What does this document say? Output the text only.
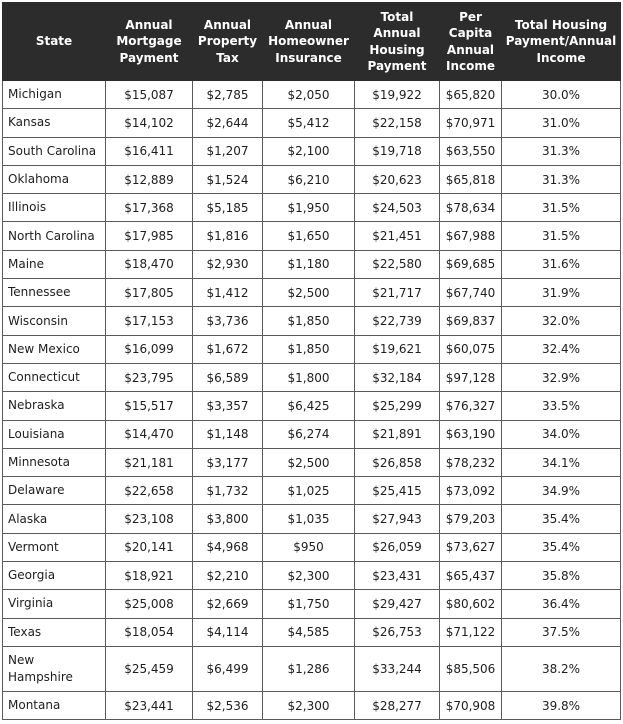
State	Annual
Mortgage
Payment	Annual
Property
Tax	Annual
Homeowner
Insurance	Total
Annual
Housing
Payment	Per
Capita
Annual
Income	Total Housing
Payment/Annual
Income
Michigan	$15,087	$2,785	$2,050	$19,922	$65,820	30.0%
Kansas	$14,102	$2,644	$5,412	$22,158	$70,971	31.0%
South Carolina	$16,411	$1,207	$2,100	$19,718	$63,550	31.3%
Oklahoma	$12,889	$1,524	$6,210	$20,623	$65,818	31.3%
Illinois	$17,368	$5,185	$1,950	$24,503	$78,634	31.5%
North Carolina	$17,985	$1,816	$1,650	$21,451	$67,988	31.5%
Maine	$18,470	$2,930	$1,180	$22,580	$69,685	31.6%
Tennessee	$17,805	$1,412	$2,500	$21,717	$67,740	31.9%
Wisconsin	$17,153	$3,736	$1,850	$22,739	$69,837	32.0%
New Mexico	$16,099	$1,672	$1,850	$19,621	$60,075	32.4%
Connecticut	$23,795	$6,589	$1,800	$32,184	$97,128	32.9%
Nebraska	$15,517	$3,357	$6,425	$25,299	$76,327	33.5%
Louisiana	$14,470	$1,148	$6,274	$21,891	$63,190	34.0%
Minnesota	$21,181	$3,177	$2,500	$26,858	$78,232	34.1%
Delaware	$22,658	$1,732	$1,025	$25,415	$73,092	34.9%
Alaska	$23,108	$3,800	$1,035	$27,943	$79,203	35.4%
Vermont	$20,141	$4,968	$950	$26,059	$73,627	35.4%
Georgia	$18,921	$2,210	$2,300	$23,431	$65,437	35.8%
Virginia	$25,008	$2,669	$1,750	$29,427	$80,602	36.4%
Texas	$18,054	$4,114	$4,585	$26,753	$71,122	37.5%
New
Hampshire	$25,459	$6,499	$1,286	$33,244	$85,506	38.2%
Montana	$23,441	$2,536	$2,300	$28,277	$70,908	39.8%
